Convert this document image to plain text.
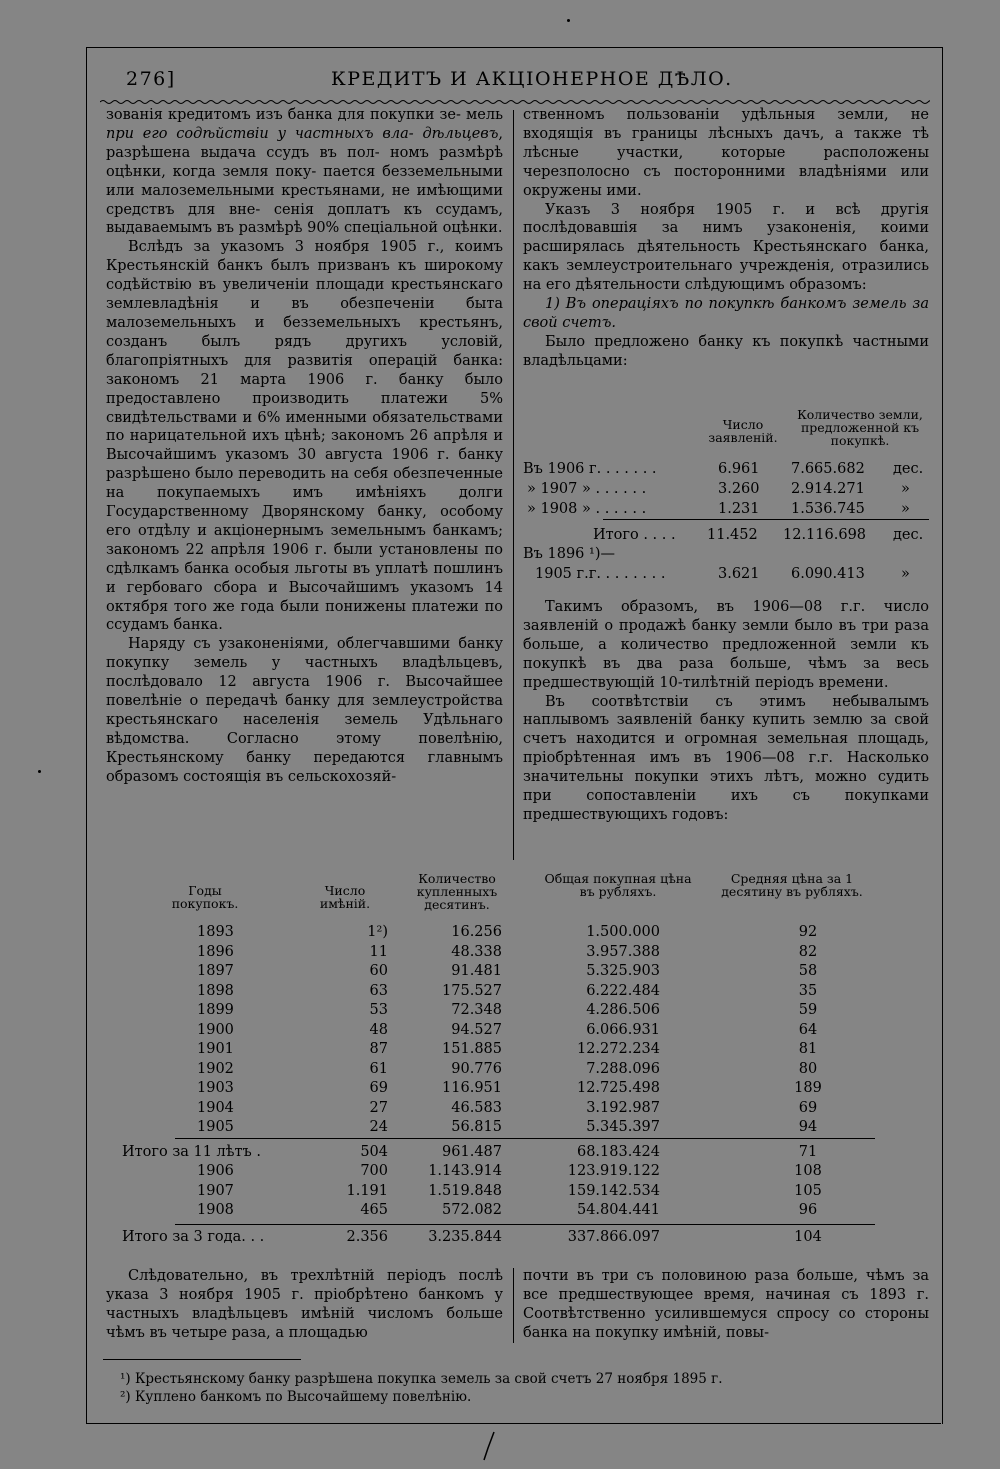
276]	КРЕДИТЪ И АКЦIОНЕРНОЕ ДѢЛО.

зованiя кредитомъ изъ банка для покупки зе- мель при его содѣйствiи у частныхъ вла- дѣльцевъ, разрѣшена выдача ссудъ въ пол- номъ размѣрѣ оцѣнки, когда земля поку- пается безземельными или малоземельными крестьянами, не имѣющими средствъ для вне- сенiя доплатъ къ ссудамъ, выдаваемымъ въ размѣрѣ 90% спецiальной оцѣнки.

Вслѣдъ за указомъ 3 ноября 1905 г., коимъ Крестьянскiй банкъ былъ призванъ къ широкому содѣйствiю въ увеличенiи площади крестьянскаго землевладѣнiя и въ обезпеченiи быта малоземельныхъ и безземельныхъ крестьянъ, созданъ былъ рядъ другихъ условiй, благопрiятныхъ для развитiя операцiй банка: закономъ 21 марта 1906 г. банку было предоставлено производить платежи 5% свидѣтельствами и 6% именными обязательствами по нарицательной ихъ цѣнѣ; закономъ 26 апрѣля и Высочайшимъ указомъ 30 августа 1906 г. банку разрѣшено было переводить на себя обезпеченные на покупаемыхъ имъ имѣнiяхъ долги Государственному Дворянскому банку, особому его отдѣлу и акцiонернымъ земельнымъ банкамъ; закономъ 22 апрѣля 1906 г. были установлены по сдѣлкамъ банка особыя льготы въ уплатѣ пошлинъ и гербоваго сбора и Высочайшимъ указомъ 14 октября того же года были понижены платежи по ссудамъ банка.

Наряду съ узаконенiями, облегчавшими банку покупку земель у частныхъ владѣльцевъ, послѣдовало 12 августа 1906 г. Высочайшее повелѣнiе о передачѣ банку для землеустройства крестьянскаго населенiя земель Удѣльнаго вѣдомства. Согласно этому повелѣнiю, Крестьянскому банку передаются главнымъ образомъ состоящiя въ сельскохозяй-

ственномъ пользованiи удѣльныя земли, не входящiя въ границы лѣсныхъ дачъ, а также тѣ лѣсные участки, которые расположены черезполосно съ посторонними владѣнiями или окружены ими.

Указъ 3 ноября 1905 г. и всѣ другiя послѣдовавшiя за нимъ узаконенiя, коими расширялась дѣятельность Крестьянскаго банка, какъ землеустроительнаго учрежденiя, отразились на его дѣятельности слѣдующимъ образомъ:

1) Въ операцiяхъ по покупкѣ банкомъ земель за свой счетъ.

Было предложено банку къ покупкѣ частными владѣльцами:

Число заявленiй.
Количество земли, предложенной къ покупкѣ.
Въ 1906 г. . . . . . .	6.961 7.665.682 дес.
» 1907 » . . . . . .	3.260 2.914.271 »
» 1908 » . . . . . .	1.231 1.536.745 »
Итого . . . . 11.452 12.116.698 дес.
Въ 1896 ¹)—
1905 г.г. . . . . . . .	3.621 6.090.413 »

Такимъ образомъ, въ 1906—08 г.г. число заявленiй о продажѣ банку земли было въ три раза больше, а количество предложенной земли къ покупкѣ въ два раза больше, чѣмъ за весь предшествующiй 10-тилѣтнiй перiодъ времени.

Въ соотвѣтствiи съ этимъ небывалымъ наплывомъ заявленiй банку купить землю за свой счетъ находится и огромная земельная площадь, прiобрѣтенная имъ въ 1906—08 г.г. Насколько значительны покупки этихъ лѣтъ, можно судить при сопоставленiи ихъ съ покупками предшествующихъ годовъ:

Годы покупокъ.
Число имѣнiй.
Количество купленныхъ десятинъ.
Общая покупная цѣна въ рубляхъ.
Средняя цѣна за 1 десятину въ рубляхъ.
1893	1²)	16.256	1.500.000	92
1896	11	48.338	3.957.388	82
1897	60	91.481	5.325.903	58
1898	63	175.527	6.222.484	35
1899	53	72.348	4.286.506	59
1900	48	94.527	6.066.931	64
1901	87	151.885	12.272.234	81
1902	61	90.776	7.288.096	80
1903	69	116.951	12.725.498	189
1904	27	46.583	3.192.987	69
1905	24	56.815	5.345.397	94
Итого за 11 лѣтъ .	504	961.487	68.183.424	71
1906	700	1.143.914	123.919.122	108
1907	1.191	1.519.848	159.142.534	105
1908	465	572.082	54.804.441	96
Итого за 3 года. . .	2.356	3.235.844	337.866.097	104

Слѣдовательно, въ трехлѣтнiй перiодъ послѣ указа 3 ноября 1905 г. прiобрѣтено банкомъ у частныхъ владѣльцевъ имѣнiй числомъ больше чѣмъ въ четыре раза, а площадью

почти въ три съ половиною раза больше, чѣмъ за все предшествующее время, начиная съ 1893 г. Соотвѣтственно усилившемуся спросу со стороны банка на покупку имѣнiй, повы-

¹) Крестьянскому банку разрѣшена покупка земель за свой счетъ 27 ноября 1895 г.

²) Куплено банкомъ по Высочайшему повелѣнiю.
